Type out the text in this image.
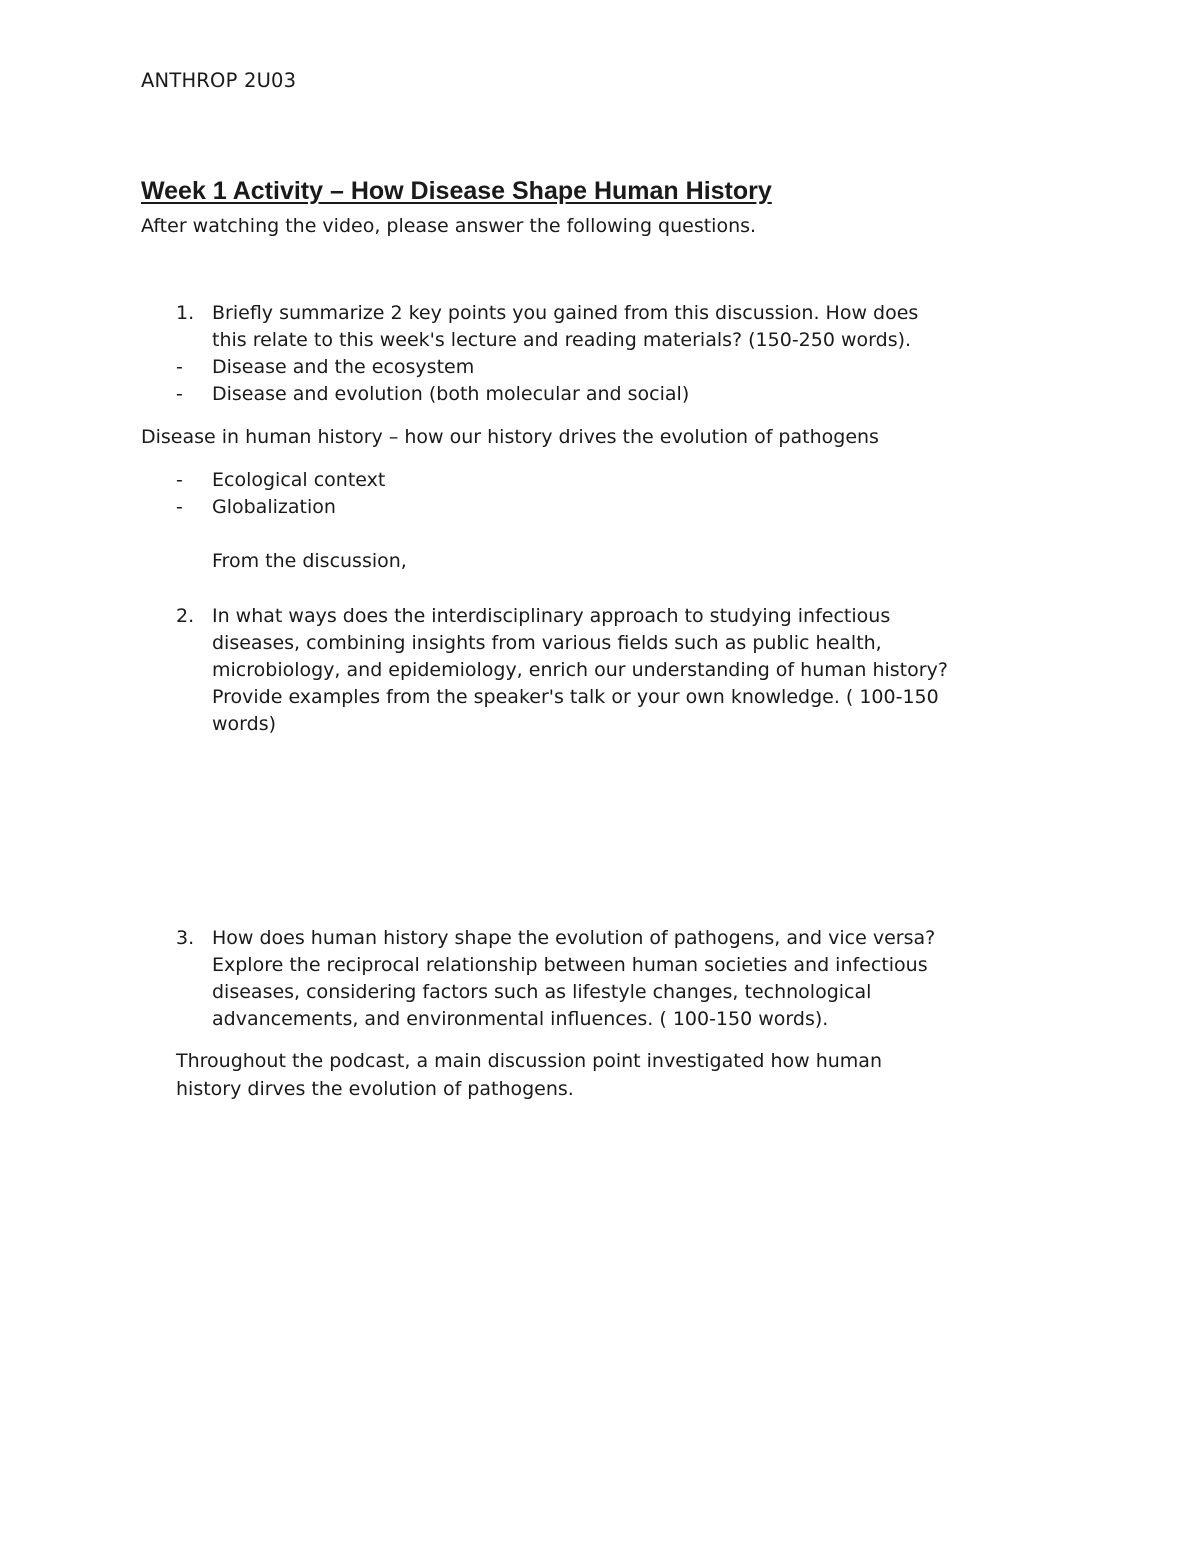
ANTHROP 2U03
Week 1 Activity – How Disease Shape Human History
After watching the video, please answer the following questions.
1. Briefly summarize 2 key points you gained from this discussion. How does
this relate to this week's lecture and reading materials? (150-250 words).
- Disease and the ecosystem
- Disease and evolution (both molecular and social)
Disease in human history – how our history drives the evolution of pathogens
- Ecological context
- Globalization
From the discussion,
2. In what ways does the interdisciplinary approach to studying infectious
diseases, combining insights from various fields such as public health,
microbiology, and epidemiology, enrich our understanding of human history?
Provide examples from the speaker's talk or your own knowledge. ( 100-150
words)
3. How does human history shape the evolution of pathogens, and vice versa?
Explore the reciprocal relationship between human societies and infectious
diseases, considering factors such as lifestyle changes, technological
advancements, and environmental influences. ( 100-150 words).
Throughout the podcast, a main discussion point investigated how human
history dirves the evolution of pathogens.
